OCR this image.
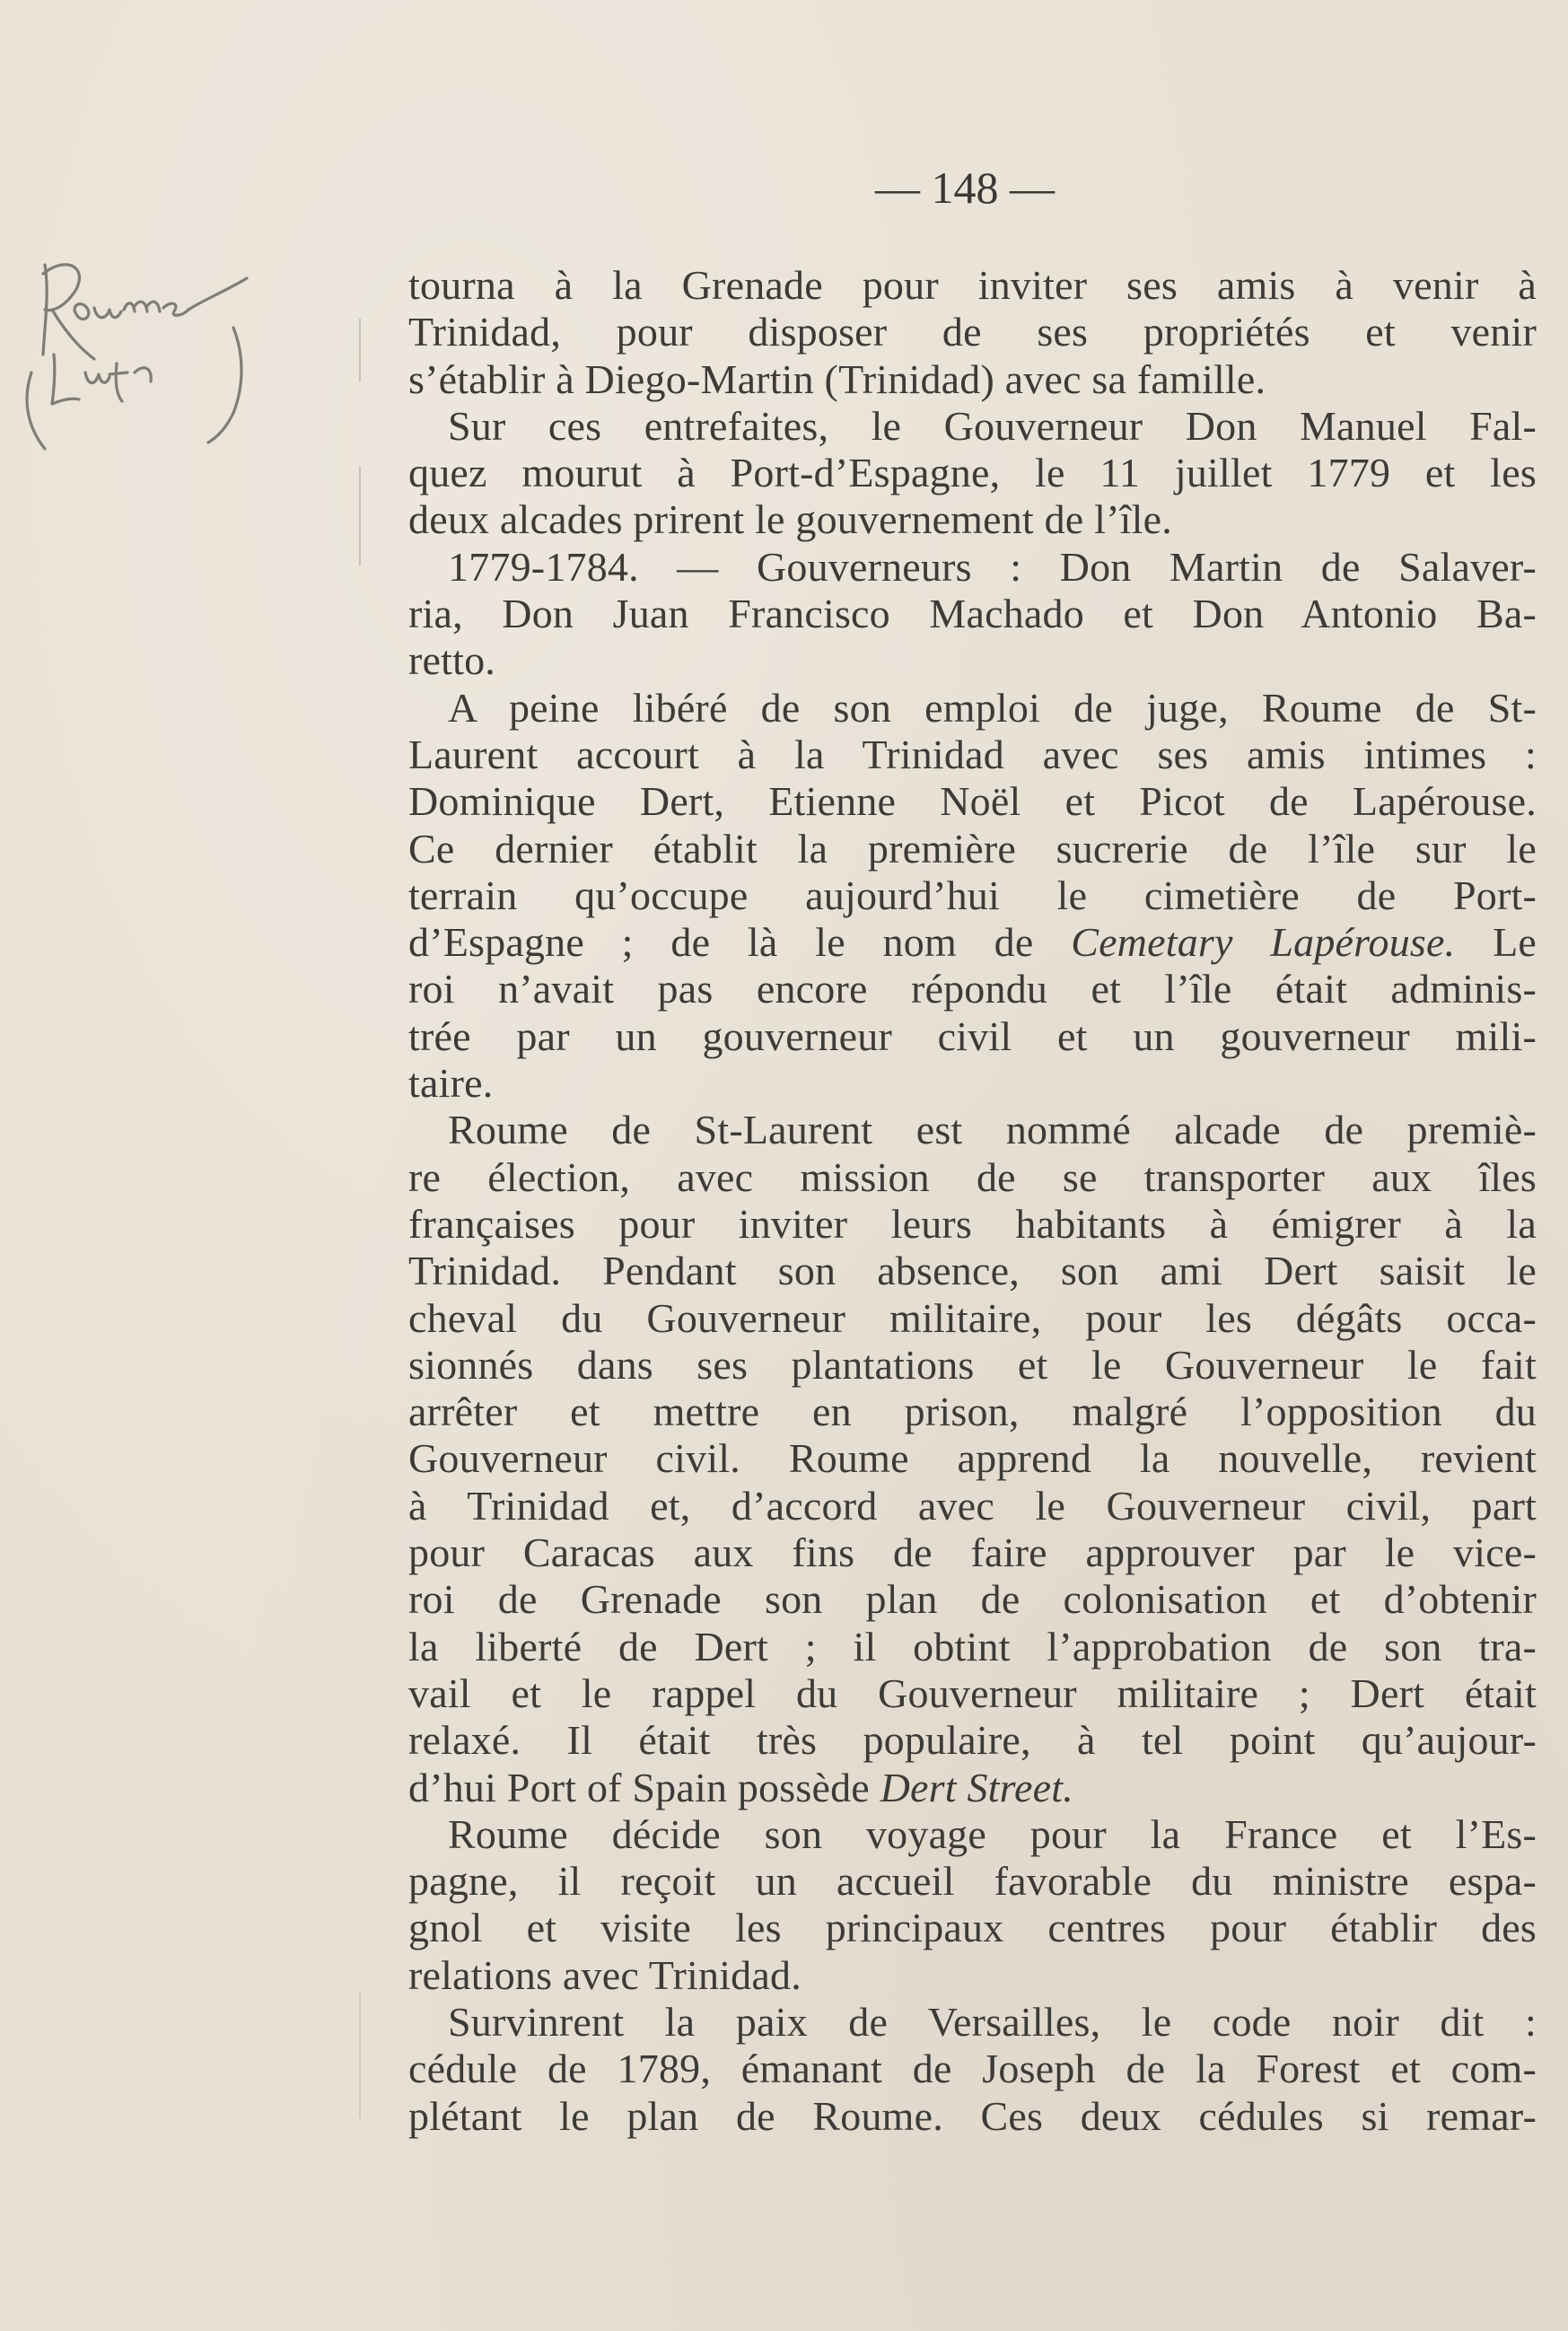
— 148 —
tourna à la Grenade pour inviter ses amis à venir à
Trinidad, pour disposer de ses propriétés et venir
s’établir à Diego-Martin (Trinidad) avec sa famille.
Sur ces entrefaites, le Gouverneur Don Manuel Fal-
quez mourut à Port-d’Espagne, le 11 juillet 1779 et les
deux alcades prirent le gouvernement de l’île.
1779-1784. — Gouverneurs : Don Martin de Salaver-
ria, Don Juan Francisco Machado et Don Antonio Ba-
retto.
A peine libéré de son emploi de juge, Roume de St-
Laurent accourt à la Trinidad avec ses amis intimes :
Dominique Dert, Etienne Noël et Picot de Lapérouse.
Ce dernier établit la première sucrerie de l’île sur le
terrain qu’occupe aujourd’hui le cimetière de Port-
d’Espagne ; de là le nom de Cemetary Lapérouse. Le
roi n’avait pas encore répondu et l’île était adminis-
trée par un gouverneur civil et un gouverneur mili-
taire.
Roume de St-Laurent est nommé alcade de premiè-
re élection, avec mission de se transporter aux îles
françaises pour inviter leurs habitants à émigrer à la
Trinidad. Pendant son absence, son ami Dert saisit le
cheval du Gouverneur militaire, pour les dégâts occa-
sionnés dans ses plantations et le Gouverneur le fait
arrêter et mettre en prison, malgré l’opposition du
Gouverneur civil. Roume apprend la nouvelle, revient
à Trinidad et, d’accord avec le Gouverneur civil, part
pour Caracas aux fins de faire approuver par le vice-
roi de Grenade son plan de colonisation et d’obtenir
la liberté de Dert ; il obtint l’approbation de son tra-
vail et le rappel du Gouverneur militaire ; Dert était
relaxé. Il était très populaire, à tel point qu’aujour-
d’hui Port of Spain possède Dert Street.
Roume décide son voyage pour la France et l’Es-
pagne, il reçoit un accueil favorable du ministre espa-
gnol et visite les principaux centres pour établir des
relations avec Trinidad.
Survinrent la paix de Versailles, le code noir dit :
cédule de 1789, émanant de Joseph de la Forest et com-
plétant le plan de Roume. Ces deux cédules si remar-
